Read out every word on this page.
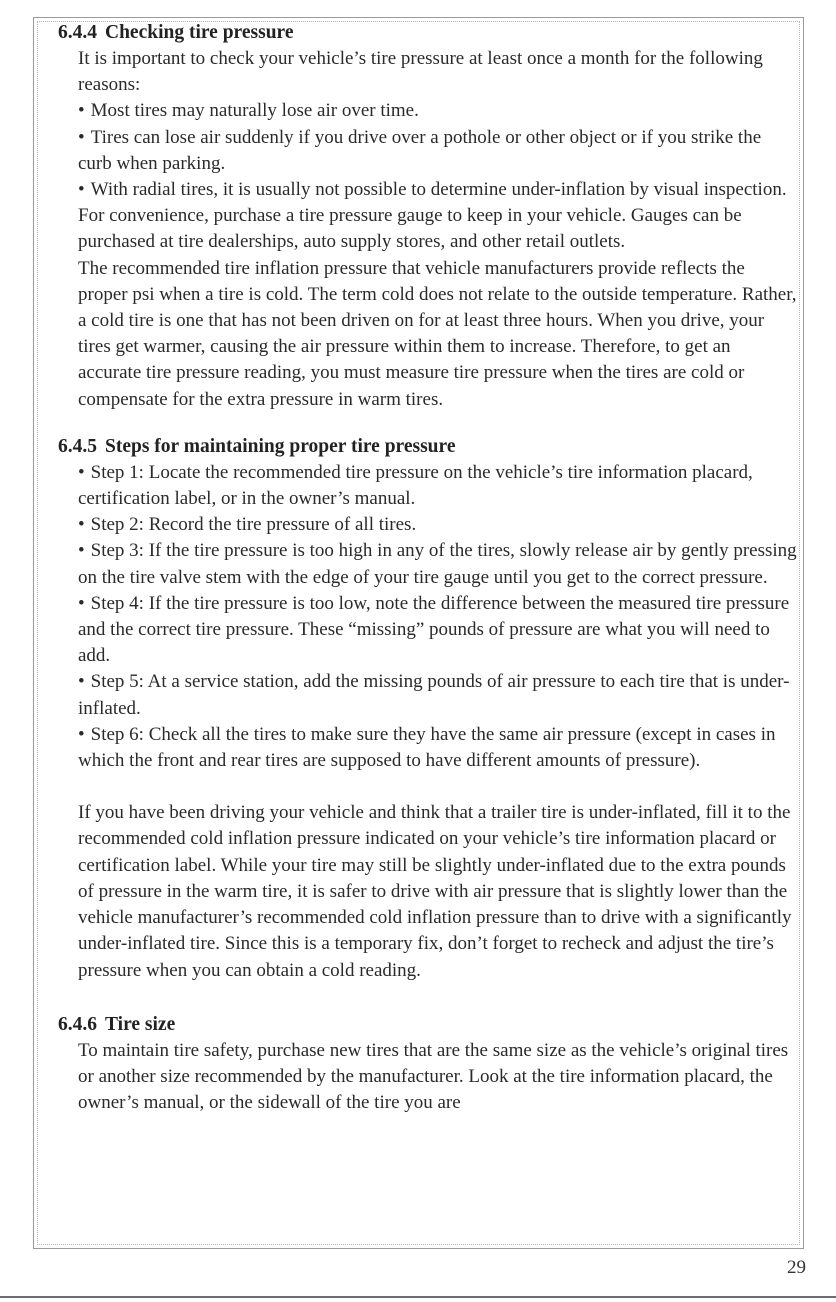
6.4.4 Checking tire pressure

It is important to check your vehicle’s tire pressure at least once a month for the following reasons:

• Most tires may naturally lose air over time.

• Tires can lose air suddenly if you drive over a pothole or other object or if you strike the curb when parking.

• With radial tires, it is usually not possible to determine under-inflation by visual inspection.

For convenience, purchase a tire pressure gauge to keep in your vehicle. Gauges can be purchased at tire dealerships, auto supply stores, and other retail outlets.

The recommended tire inflation pressure that vehicle manufacturers provide reflects the proper psi when a tire is cold. The term cold does not relate to the outside temperature. Rather, a cold tire is one that has not been driven on for at least three hours. When you drive, your tires get warmer, causing the air pressure within them to increase. Therefore, to get an accurate tire pressure reading, you must measure tire pressure when the tires are cold or compensate for the extra pressure in warm tires.

6.4.5 Steps for maintaining proper tire pressure

• Step 1: Locate the recommended tire pressure on the vehicle’s tire information placard, certification label, or in the owner’s manual.

• Step 2: Record the tire pressure of all tires.

• Step 3: If the tire pressure is too high in any of the tires, slowly release air by gently pressing on the tire valve stem with the edge of your tire gauge until you get to the correct pressure.

• Step 4: If the tire pressure is too low, note the difference between the measured tire pressure and the correct tire pressure. These “missing” pounds of pressure are what you will need to add.

• Step 5: At a service station, add the missing pounds of air pressure to each tire that is under-inflated.

• Step 6: Check all the tires to make sure they have the same air pressure (except in cases in which the front and rear tires are supposed to have different amounts of pressure).

If you have been driving your vehicle and think that a trailer tire is under-inflated, fill it to the recommended cold inflation pressure indicated on your vehicle’s tire information placard or certification label. While your tire may still be slightly under-inflated due to the extra pounds of pressure in the warm tire, it is safer to drive with air pressure that is slightly lower than the vehicle manufacturer’s recommended cold inflation pressure than to drive with a significantly under-inflated tire. Since this is a temporary fix, don’t forget to recheck and adjust the tire’s pressure when you can obtain a cold reading.

6.4.6 Tire size

To maintain tire safety, purchase new tires that are the same size as the vehicle’s original tires or another size recommended by the manufacturer. Look at the tire information placard, the owner’s manual, or the sidewall of the tire you are

29
